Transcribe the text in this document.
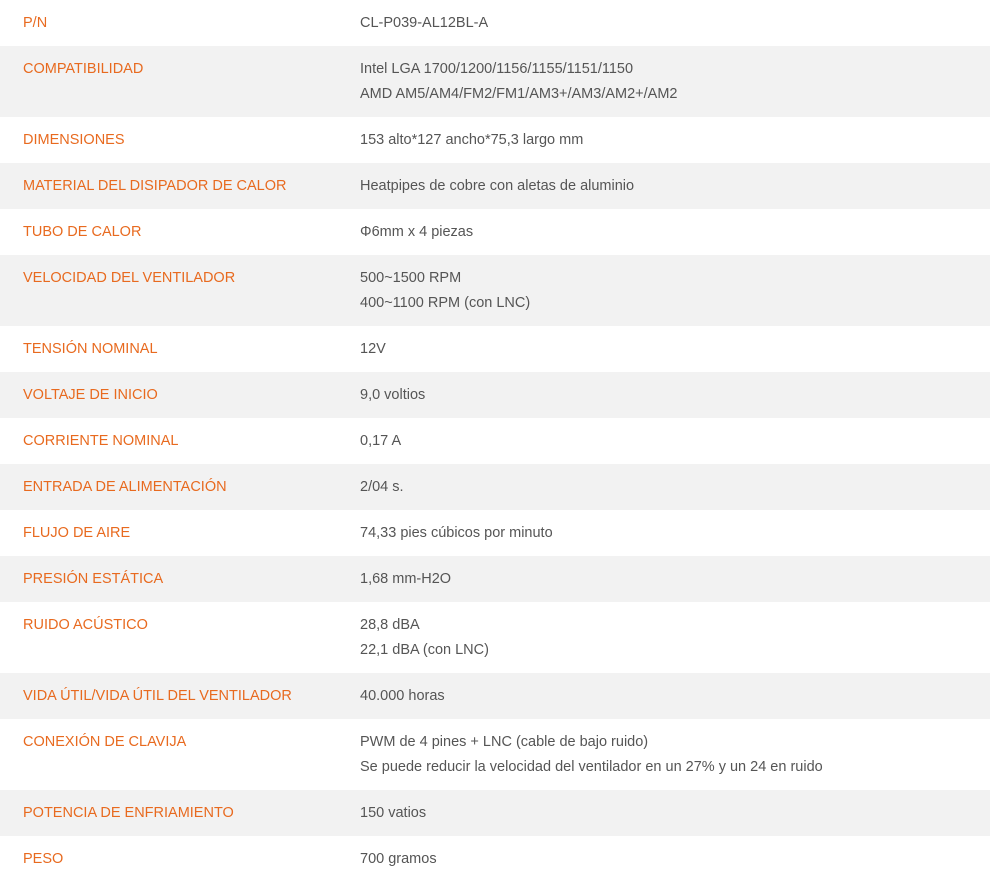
P/N	CL-P039-AL12BL-A
COMPATIBILIDAD	Intel LGA 1700/1200/1156/1155/1151/1150
AMD AM5/AM4/FM2/FM1/AM3+/AM3/AM2+/AM2
DIMENSIONES	153 alto*127 ancho*75,3 largo mm
MATERIAL DEL DISIPADOR DE CALOR	Heatpipes de cobre con aletas de aluminio
TUBO DE CALOR	Φ6mm x 4 piezas
VELOCIDAD DEL VENTILADOR	500~1500 RPM
400~1100 RPM (con LNC)
TENSIÓN NOMINAL	12V
VOLTAJE DE INICIO	9,0 voltios
CORRIENTE NOMINAL	0,17 A
ENTRADA DE ALIMENTACIÓN	2/04 s.
FLUJO DE AIRE	74,33 pies cúbicos por minuto
PRESIÓN ESTÁTICA	1,68 mm-H2O
RUIDO ACÚSTICO	28,8 dBA
22,1 dBA (con LNC)
VIDA ÚTIL/VIDA ÚTIL DEL VENTILADOR	40.000 horas
CONEXIÓN DE CLAVIJA	PWM de 4 pines + LNC (cable de bajo ruido)
Se puede reducir la velocidad del ventilador en un 27% y un 24 en ruido
POTENCIA DE ENFRIAMIENTO	150 vatios
PESO	700 gramos
